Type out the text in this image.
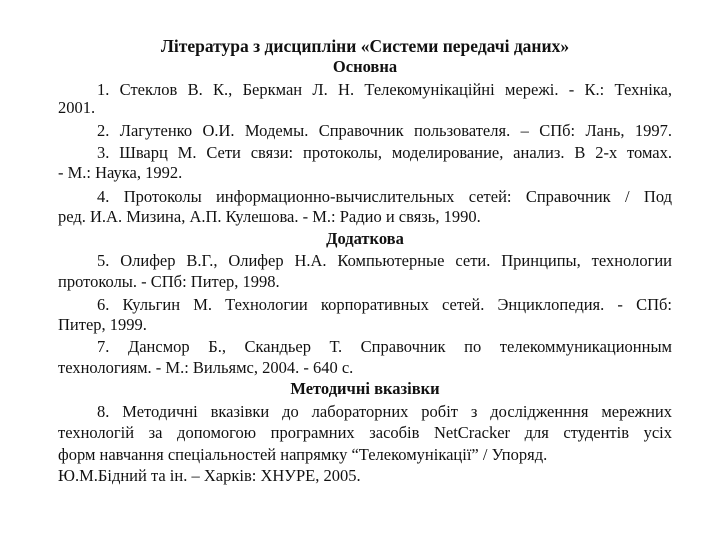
Література з дисципліни «Системи передачі даних»
Основна
1. Стеклов В. К., Беркман Л. Н. Телекомунікаційні мережі. - К.: Техніка,
2001.
2. Лагутенко О.И. Модемы. Справочник пользователя. – СПб: Лань, 1997.
3. Шварц М. Сети связи: протоколы, моделирование, анализ. В 2-х томах.
- М.: Наука, 1992.
4. Протоколы информационно-вычислительных сетей: Справочник / Под
ред. И.А. Мизина, А.П. Кулешова. - М.: Радио и связь, 1990.
Додаткова
5. Олифер В.Г., Олифер Н.А. Компьютерные сети. Принципы, технологии
протоколы. - СПб: Питер, 1998.
6. Кульгин М. Технологии корпоративных сетей. Энциклопедия. - СПб:
Питер, 1999.
7. Дансмор Б., Скандьер Т. Справочник по телекоммуникационным
технологиям. - М.: Вильямс, 2004. - 640 с.
Методичні вказівки
8. Методичні вказівки до лабораторних робіт з дослідженння мережних
технологій за допомогою програмних засобів NetCracker для студентів усіх
форм навчання спеціальностей напрямку “Телекомунікації” / Упоряд.
Ю.М.Бідний та ін. – Харків: ХНУРЕ, 2005.
